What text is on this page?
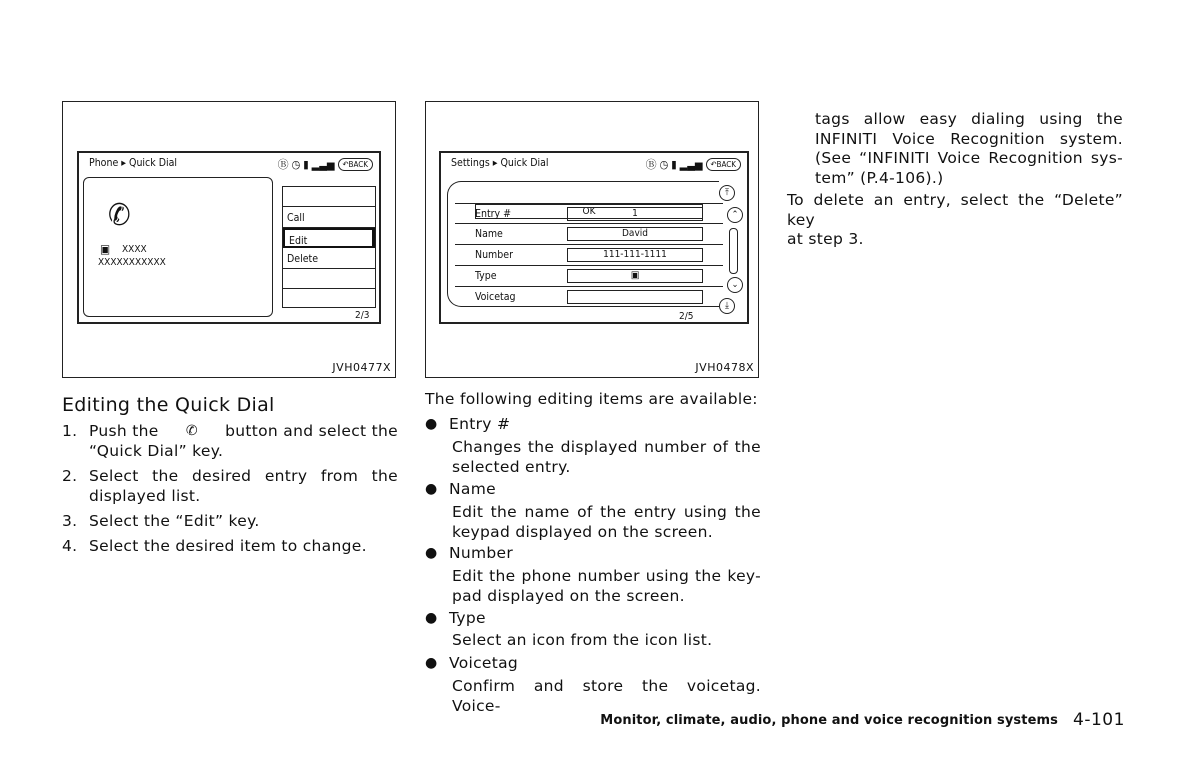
Phone ▸ Quick Dial	Ⓑ ◷ ▮ ▂▃▅	↶BACK
✆
▣ XXXX
XXXXXXXXXXX
Call
Edit
Delete
2/3
JVH0477X
Settings ▸ Quick Dial	Ⓑ ◷ ▮ ▂▃▅	↶BACK
OK
Entry #	1
Name	David
Number	111-111-1111
Type	▣
Voicetag
⤒
⌃
⌄
⤓
2/5
JVH0478X
Editing the Quick Dial
1. Push the ✆ button and select the
“Quick Dial” key.
2. Select the desired entry from the
displayed list.
3. Select the “Edit” key.
4. Select the desired item to change.
The following editing items are available:
● Entry #
Changes the displayed number of the
selected entry.
● Name
Edit the name of the entry using the
keypad displayed on the screen.
● Number
Edit the phone number using the key-
pad displayed on the screen.
● Type
Select an icon from the icon list.
● Voicetag
Confirm and store the voicetag. Voice-
tags allow easy dialing using the
INFINITI Voice Recognition system.
(See “INFINITI Voice Recognition sys-
tem” (P.4-106).)
To delete an entry, select the “Delete” key
at step 3.
Monitor, climate, audio, phone and voice recognition systems 4-101
